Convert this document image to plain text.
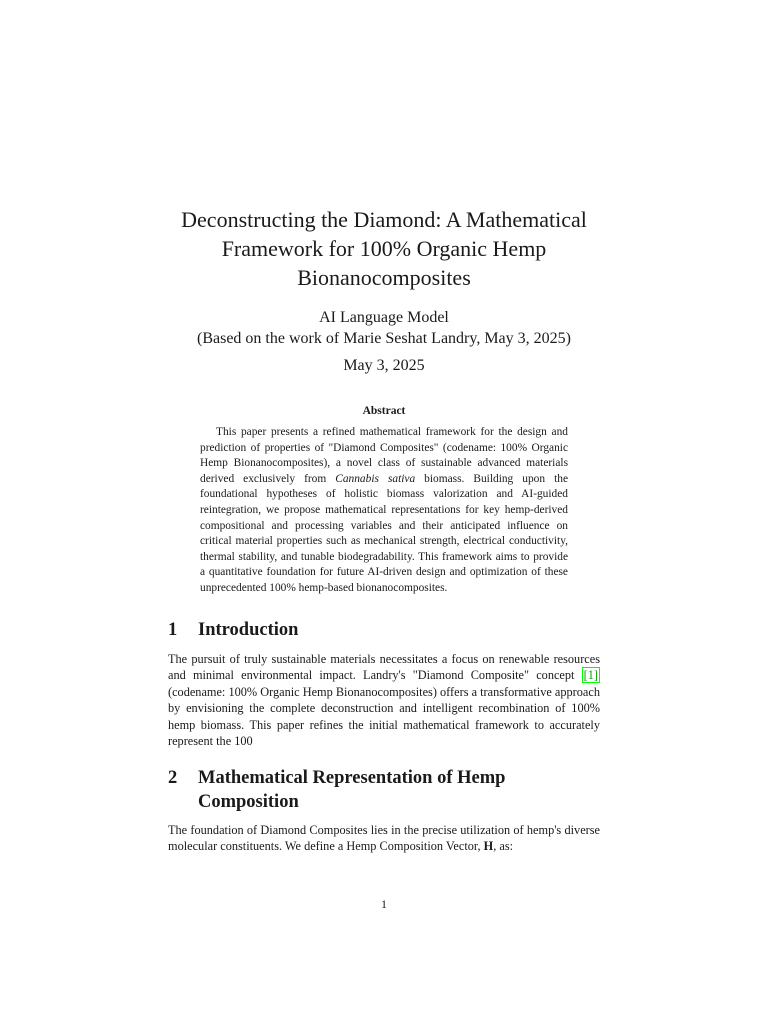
Deconstructing the Diamond: A Mathematical
Framework for 100% Organic Hemp
Bionanocomposites
AI Language Model
(Based on the work of Marie Seshat Landry, May 3, 2025)
May 3, 2025
Abstract
This paper presents a refined mathematical framework for the design and prediction of properties of "Diamond Composites" (codename: 100% Organic Hemp Bionanocomposites), a novel class of sustainable advanced materials derived exclusively from Cannabis sativa biomass. Building upon the foundational hypotheses of holistic biomass valorization and AI-guided reintegration, we propose mathematical representations for key hemp-derived compositional and processing variables and their anticipated influence on critical material properties such as mechanical strength, electrical conductivity, thermal stability, and tunable biodegradability. This framework aims to provide a quantitative foundation for future AI-driven design and optimization of these unprecedented 100% hemp-based bionanocomposites.
1	Introduction
The pursuit of truly sustainable materials necessitates a focus on renewable resources and minimal environmental impact. Landry's "Diamond Composite" concept [1] (codename: 100% Organic Hemp Bionanocomposites) offers a transformative approach by envisioning the complete deconstruction and intelligent recombination of 100% hemp biomass. This paper refines the initial mathematical framework to accurately represent the 100
2	Mathematical Representation of Hemp Composition
The foundation of Diamond Composites lies in the precise utilization of hemp's diverse molecular constituents. We define a Hemp Composition Vector, H, as:
1
